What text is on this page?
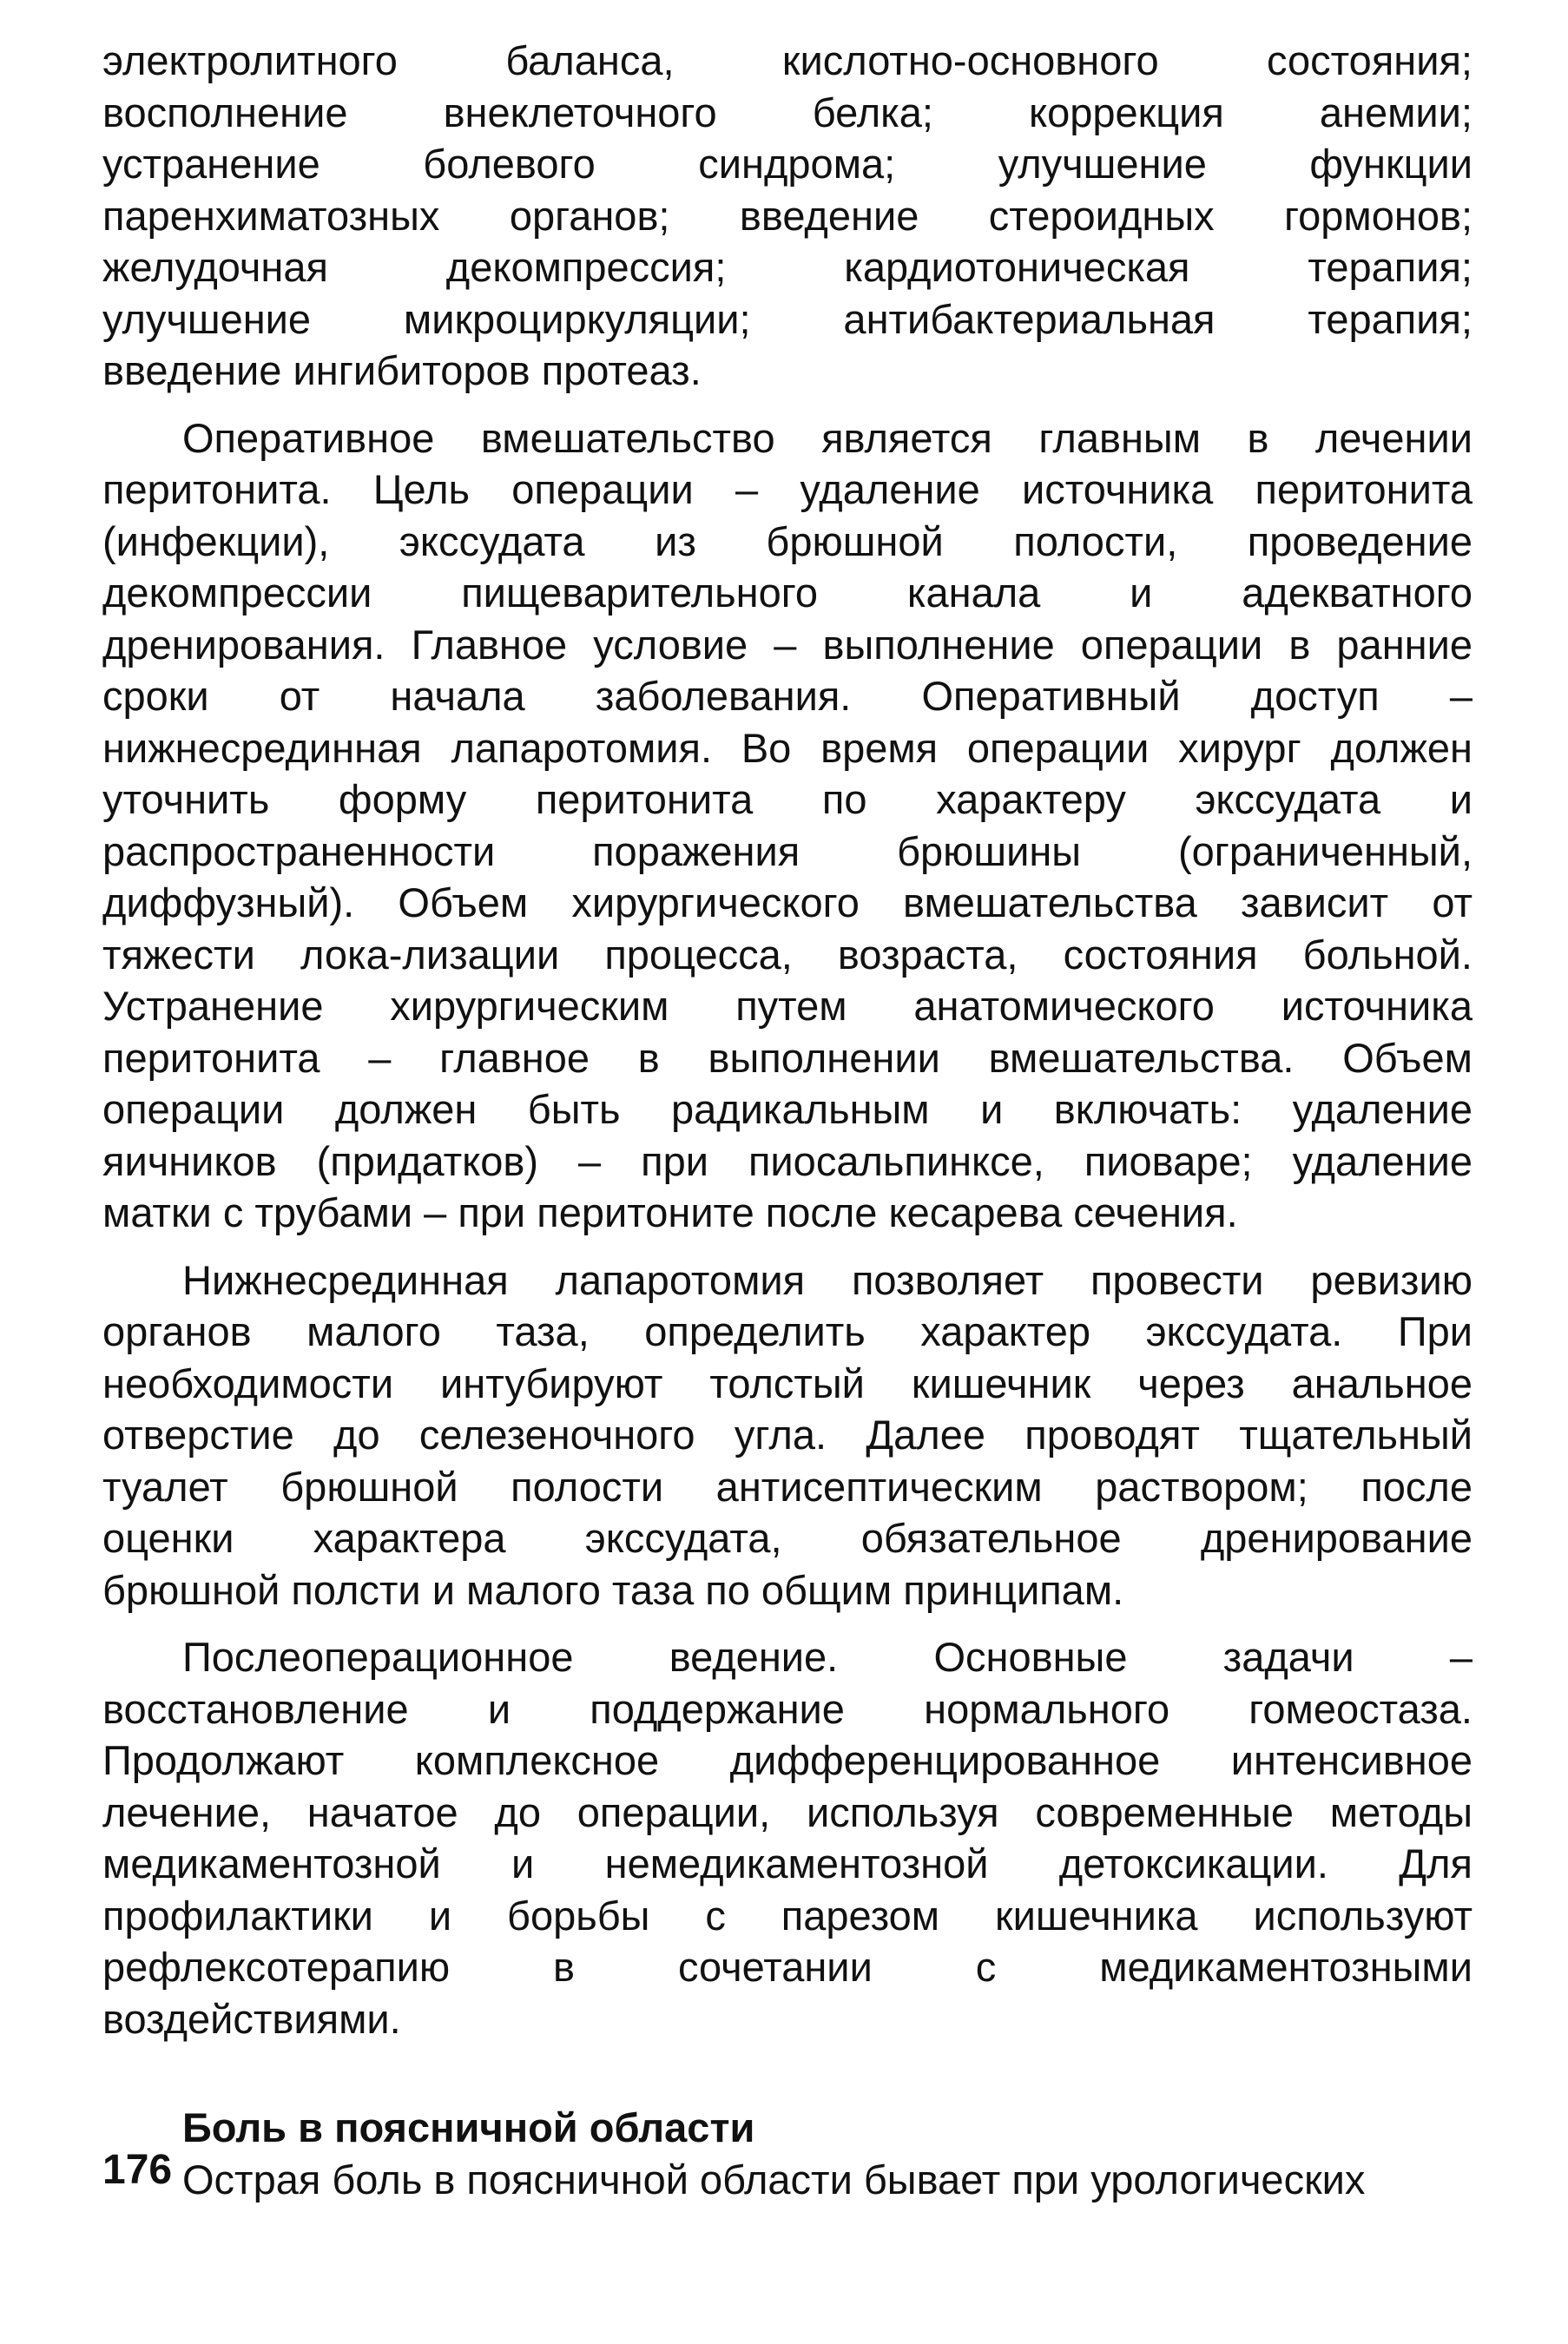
электролитного баланса, кислотно-основного состояния;
восполнение внеклеточного белка; коррекция анемии;
устранение болевого синдрома; улучшение функции
паренхиматозных органов; введение стероидных гормонов;
желудочная декомпрессия; кардиотоническая терапия;
улучшение микроциркуляции; антибактериальная терапия;
введение ингибиторов протеаз.
Оперативное вмешательство является главным в лечении
перитонита. Цель операции – удаление источника перитонита
(инфекции), экссудата из брюшной полости, проведение
декомпрессии пищеварительного канала и адекватного
дренирования. Главное условие – выполнение операции в ранние
сроки от начала заболевания. Оперативный доступ –
нижнесрединная лапаротомия. Во время операции хирург должен
уточнить форму перитонита по характеру экссудата и
распространенности поражения брюшины (ограниченный,
диффузный). Объем хирургического вмешательства зависит от
тяжести лока-лизации процесса, возраста, состояния больной.
Устранение хирургическим путем анатомического источника
перитонита – главное в выполнении вмешательства. Объем
операции должен быть радикальным и включать: удаление
яичников (придатков) – при пиосальпинксе, пиоваре; удаление
матки с трубами – при перитоните после кесарева сечения.
Нижнесрединная лапаротомия позволяет провести ревизию
органов малого таза, определить характер экссудата. При
необходимости интубируют толстый кишечник через анальное
отверстие до селезеночного угла. Далее проводят тщательный
туалет брюшной полости антисептическим раствором; после
оценки характера экссудата, обязательное дренирование
брюшной полсти и малого таза по общим принципам.
Послеоперационное ведение. Основные задачи –
восстановление и поддержание нормального гомеостаза.
Продолжают комплексное дифференцированное интенсивное
лечение, начатое до операции, используя современные методы
медикаментозной и немедикаментозной детоксикации. Для
профилактики и борьбы с парезом кишечника используют
рефлексотерапию в сочетании с медикаментозными
воздействиями.
Боль в поясничной области
Острая боль в поясничной области бывает при урологических
176
